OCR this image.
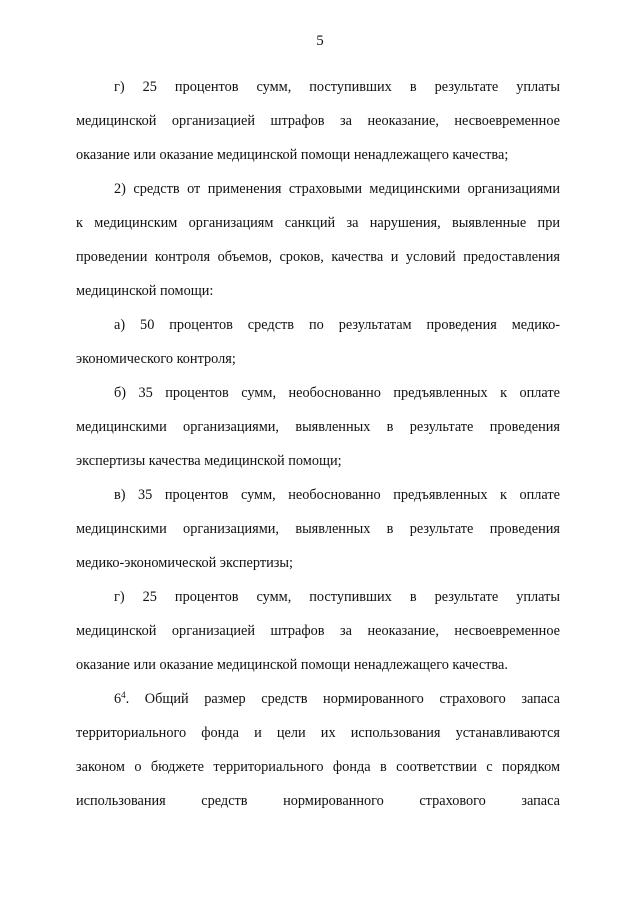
5

г) 25 процентов сумм, поступивших в результате уплаты
медицинской организацией штрафов за неоказание, несвоевременное
оказание или оказание медицинской помощи ненадлежащего качества;

2) средств от применения страховыми медицинскими организациями
к медицинским организациям санкций за нарушения, выявленные при
проведении контроля объемов, сроков, качества и условий предоставления
медицинской помощи:

а) 50 процентов средств по результатам проведения медико-
экономического контроля;

б) 35 процентов сумм, необоснованно предъявленных к оплате
медицинскими организациями, выявленных в результате проведения
экспертизы качества медицинской помощи;

в) 35 процентов сумм, необоснованно предъявленных к оплате
медицинскими организациями, выявленных в результате проведения
медико-экономической экспертизы;

г) 25 процентов сумм, поступивших в результате уплаты
медицинской организацией штрафов за неоказание, несвоевременное
оказание или оказание медицинской помощи ненадлежащего качества.

$6^4$. Общий размер средств нормированного страхового запаса
территориального фонда и цели их использования устанавливаются
законом о бюджете территориального фонда в соответствии с порядком
использования средств нормированного страхового запаса
